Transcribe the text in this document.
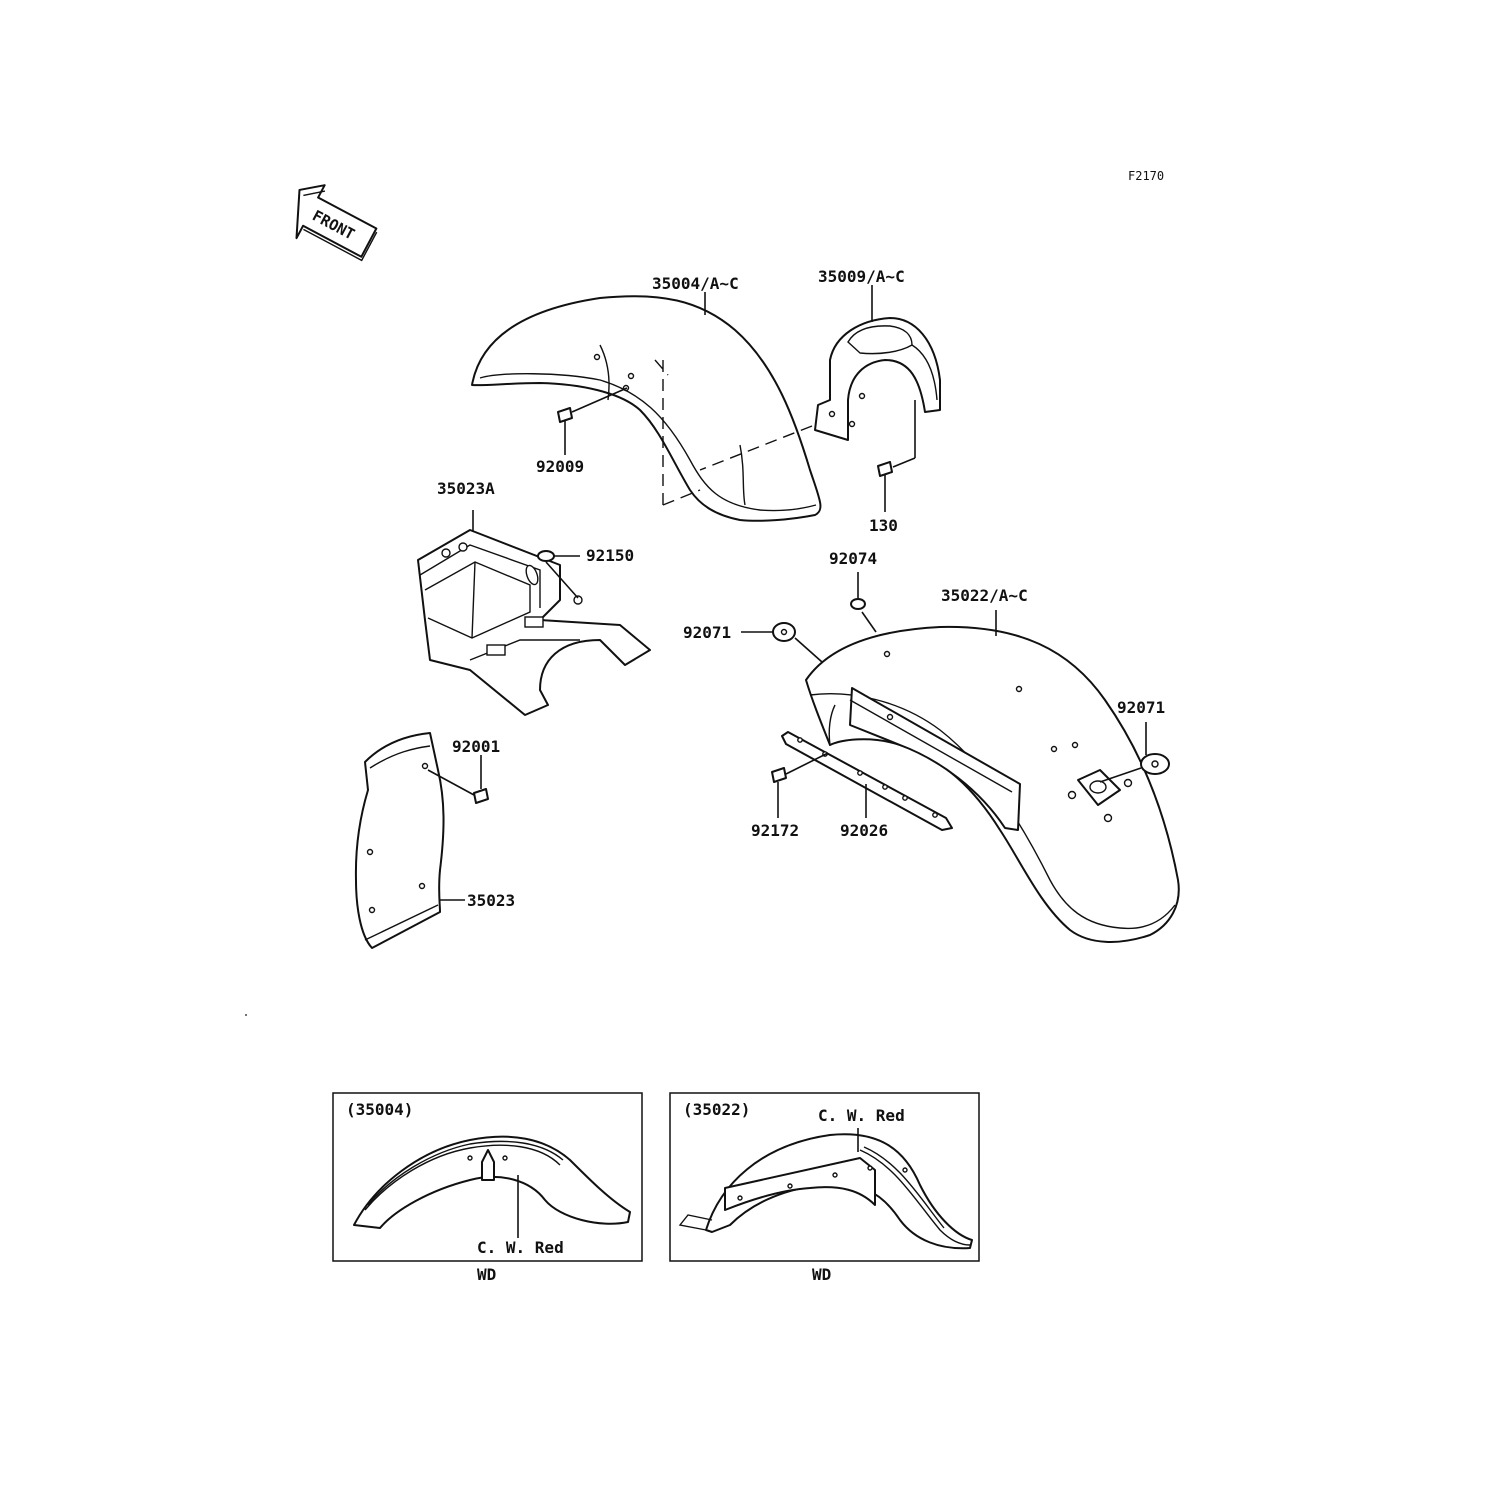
F2170
FRONT
35004/A~C	35009/A~C
92009
130
35023A
92150	92074
35022/A~C
92071
92071
92001
92172	92026
35023
(35004)
C. W. Red
WD
(35022)	C. W. Red
WD
